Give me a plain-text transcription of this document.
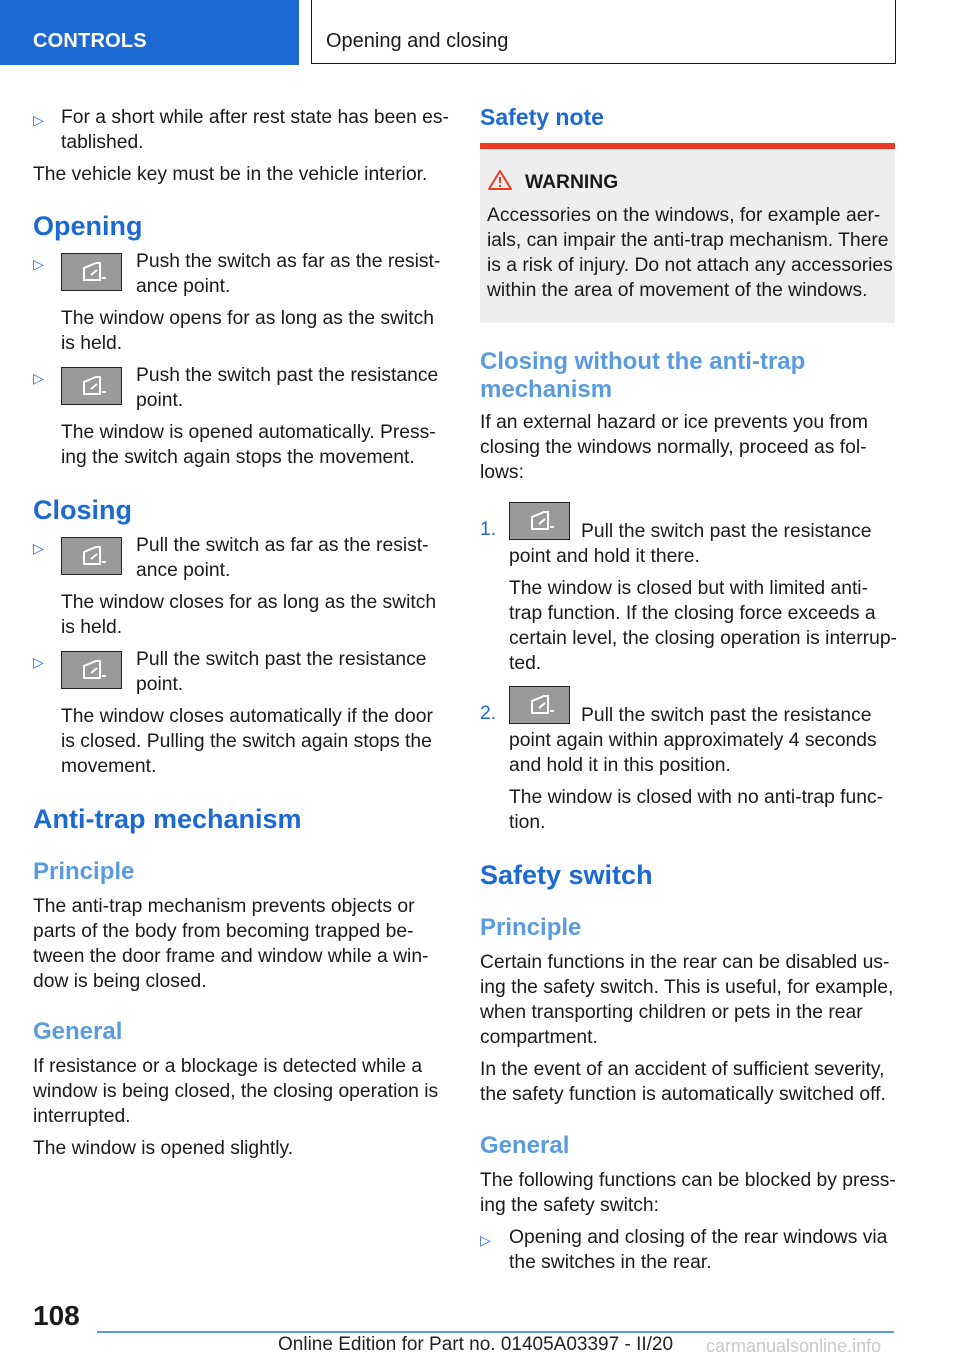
CONTROLS	Opening and closing
▷ For a short while after rest state has been es-
tablished.
The vehicle key must be in the vehicle interior.
Opening
▷	Push the switch as far as the resist-
ance point.
The window opens for as long as the switch
is held.
▷	Push the switch past the resistance
point.
The window is opened automatically. Press-
ing the switch again stops the movement.
Closing
▷	Pull the switch as far as the resist-
ance point.
The window closes for as long as the switch
is held.
▷	Pull the switch past the resistance
point.
The window closes automatically if the door
is closed. Pulling the switch again stops the
movement.
Anti-trap mechanism
Principle
The anti-trap mechanism prevents objects or
parts of the body from becoming trapped be-
tween the door frame and window while a win-
dow is being closed.
General
If resistance or a blockage is detected while a
window is being closed, the closing operation is
interrupted.
The window is opened slightly.
Safety note
WARNING
Accessories on the windows, for example aer-
ials, can impair the anti-trap mechanism. There
is a risk of injury. Do not attach any accessories
within the area of movement of the windows.
Closing without the anti-trap
mechanism
If an external hazard or ice prevents you from
closing the windows normally, proceed as fol-
lows:
1.	Pull the switch past the resistance
point and hold it there.
The window is closed but with limited anti-
trap function. If the closing force exceeds a
certain level, the closing operation is interrup-
ted.
2.	Pull the switch past the resistance
point again within approximately 4 seconds
and hold it in this position.
The window is closed with no anti-trap func-
tion.
Safety switch
Principle
Certain functions in the rear can be disabled us-
ing the safety switch. This is useful, for example,
when transporting children or pets in the rear
compartment.
In the event of an accident of sufficient severity,
the safety function is automatically switched off.
General
The following functions can be blocked by press-
ing the safety switch:
▷ Opening and closing of the rear windows via
the switches in the rear.
108
Online Edition for Part no. 01405A03397 - II/20 carmanualsonline.info
